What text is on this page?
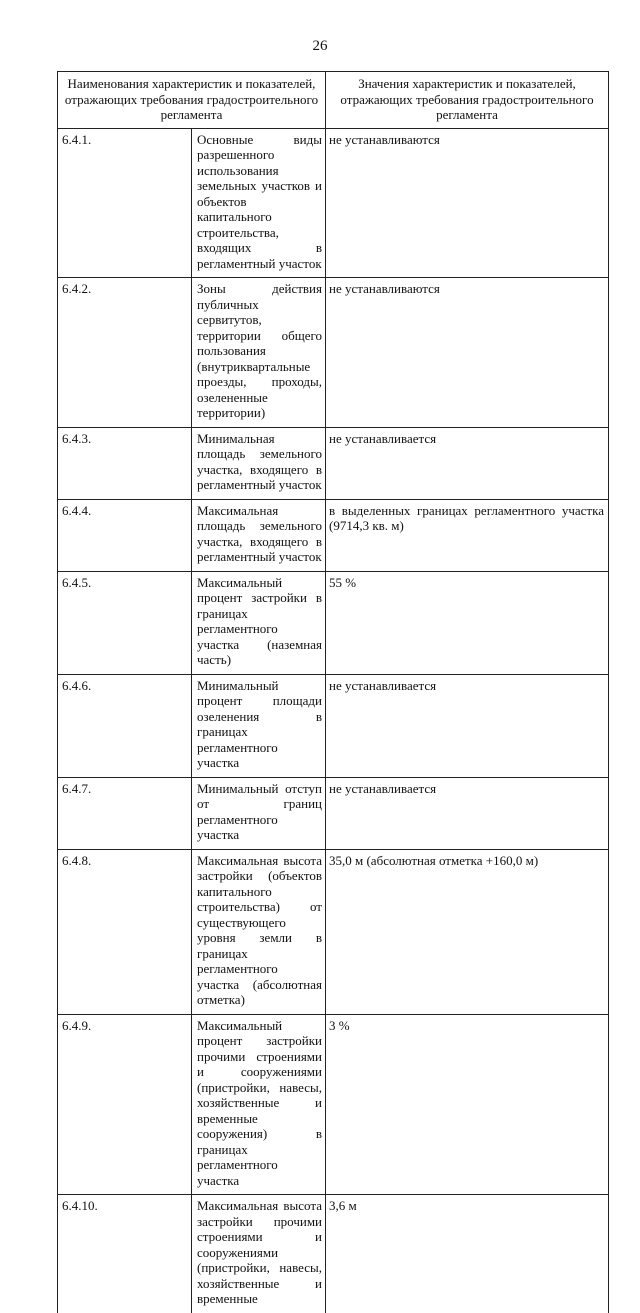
26
Наименования характеристик и показателей, отражающих требования градостроительного регламента		Значения характеристик и показателей, отражающих требования градостроительного регламента
6.4.1.	Основные виды разрешенного использования земельных участков и объектов капитального строительства, входящих в регламентный участок	не устанавливаются
6.4.2.	Зоны действия публичных сервитутов, территории общего пользования (внутриквартальные проезды, проходы, озелененные территории)	не устанавливаются
6.4.3.	Минимальная площадь земельного участка, входящего в регламентный участок	не устанавливается
6.4.4.	Максимальная площадь земельного участка, входящего в регламентный участок	в выделенных границах регламентного участка (9714,3 кв. м)
6.4.5.	Максимальный процент застройки в границах регламентного участка (наземная часть)	55 %
6.4.6.	Минимальный процент площади озеленения в границах регламентного участка	не устанавливается
6.4.7.	Минимальный отступ от границ регламентного участка	не устанавливается
6.4.8.	Максимальная высота застройки (объектов капитального строительства) от существующего уровня земли в границах регламентного участка (абсолютная отметка)	35,0 м (абсолютная отметка +160,0 м)
6.4.9.	Максимальный процент застройки прочими строениями и сооружениями (пристройки, навесы, хозяйственные и временные сооружения) в границах регламентного участка	3 %
6.4.10.	Максимальная высота застройки прочими строениями и сооружениями (пристройки, навесы, хозяйственные и временные	3,6 м
